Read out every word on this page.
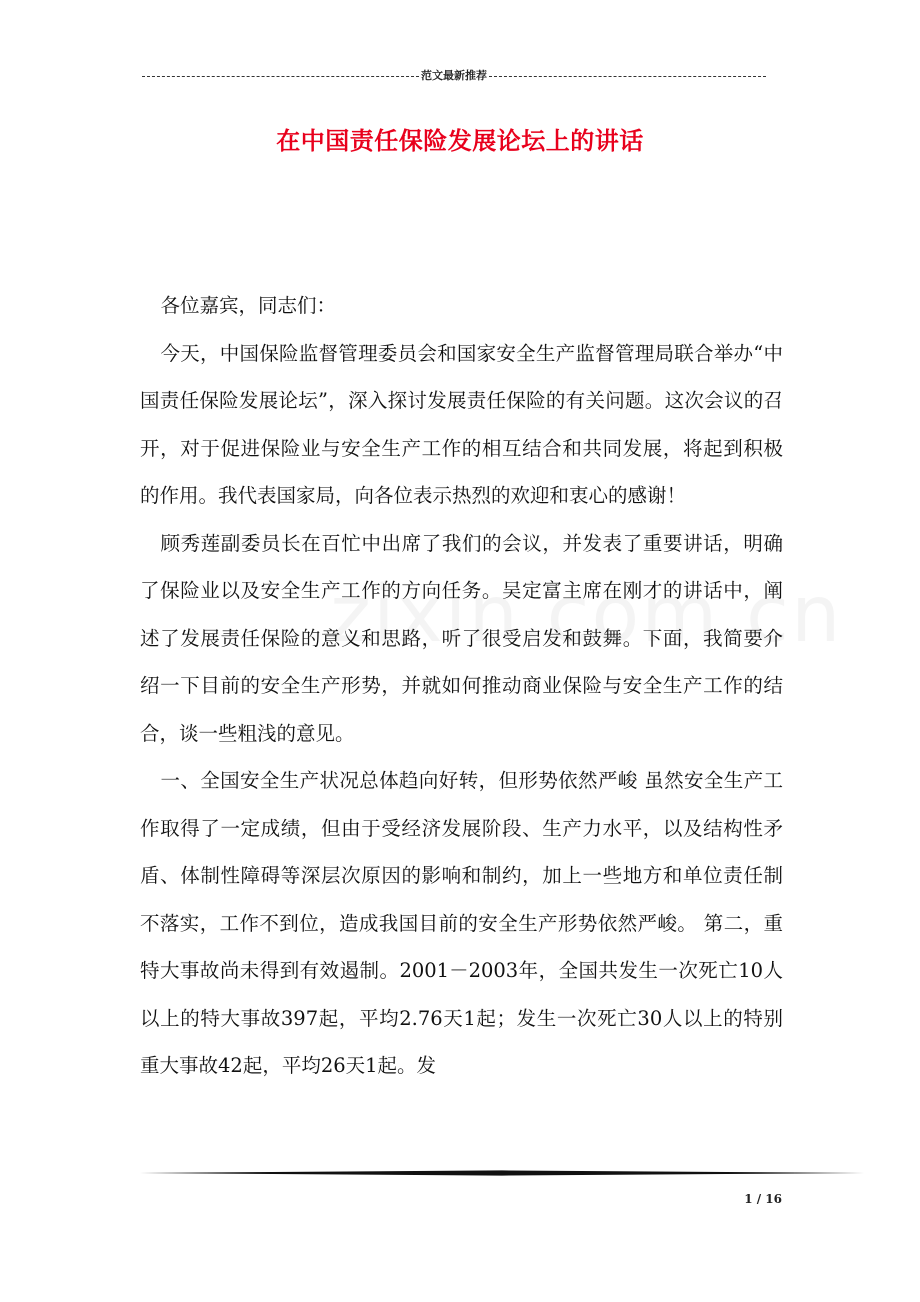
范文最新推荐
在中国责任保险发展论坛上的讲话

各位嘉宾，同志们：

今天，中国保险监督管理委员会和国家安全生产监督管理局联合举办“中国责任保险发展论坛”，深入探讨发展责任保险的有关问题。这次会议的召开，对于促进保险业与安全生产工作的相互结合和共同发展，将起到积极的作用。我代表国家局，向各位表示热烈的欢迎和衷心的感谢！

顾秀莲副委员长在百忙中出席了我们的会议，并发表了重要讲话，明确了保险业以及安全生产工作的方向任务。吴定富主席在刚才的讲话中，阐述了发展责任保险的意义和思路，听了很受启发和鼓舞。下面，我简要介绍一下目前的安全生产形势，并就如何推动商业保险与安全生产工作的结合，谈一些粗浅的意见。

一、全国安全生产状况总体趋向好转，但形势依然严峻 虽然安全生产工作取得了一定成绩，但由于受经济发展阶段、生产力水平，以及结构性矛盾、体制性障碍等深层次原因的影响和制约，加上一些地方和单位责任制不落实，工作不到位，造成我国目前的安全生产形势依然严峻。 第二，重特大事故尚未得到有效遏制。2001－2003年，全国共发生一次死亡10人以上的特大事故397起，平均2.76天1起；发生一次死亡30人以上的特别重大事故42起，平均26天1起。发

1 / 16
